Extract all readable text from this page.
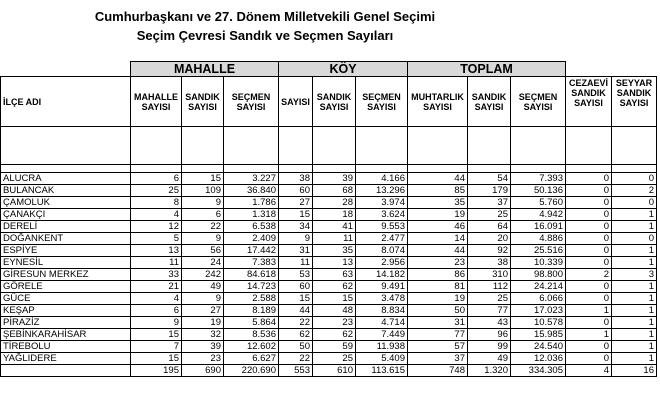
Cumhurbaşkanı ve 27. Dönem Milletvekili Genel Seçimi
Seçim Çevresi Sandık ve Seçmen Sayıları
	MAHALLE			KÖY			TOPLAM				
İLÇE ADI	MAHALLE SAYISI	SANDIK SAYISI	SEÇMEN SAYISI	SAYISI	SANDIK SAYISI	SEÇMEN SAYISI	MUHTARLIK SAYISI	SANDIK SAYISI	SEÇMEN SAYISI	CEZAEVİ SANDIK SAYISI	SEYYAR SANDIK SAYISI

ALUCRA	6	15	3.227	38	39	4.166	44	54	7.393	0	0
BULANCAK	25	109	36.840	60	68	13.296	85	179	50.136	0	2
ÇAMOLUK	8	9	1.786	27	28	3.974	35	37	5.760	0	0
ÇANAKÇI	4	6	1.318	15	18	3.624	19	25	4.942	0	1
DERELİ	12	22	6.538	34	41	9.553	46	64	16.091	0	1
DOĞANKENT	5	9	2.409	9	11	2.477	14	20	4.886	0	0
ESPİYE	13	56	17.442	31	35	8.074	44	92	25.516	0	1
EYNESİL	11	24	7.383	11	13	2.956	23	38	10.339	0	1
GİRESUN MERKEZ	33	242	84.618	53	63	14.182	86	310	98.800	2	3
GÖRELE	21	49	14.723	60	62	9.491	81	112	24.214	0	1
GÜCE	4	9	2.588	15	15	3.478	19	25	6.066	0	1
KEŞAP	6	27	8.189	44	48	8.834	50	77	17.023	1	1
PİRAZİZ	9	19	5.864	22	23	4.714	31	43	10.578	0	1
ŞEBİNKARAHİSAR	15	32	8.536	62	62	7.449	77	96	15.985	1	1
TİREBOLU	7	39	12.602	50	59	11.938	57	99	24.540	0	1
YAĞLIDERE	15	23	6.627	22	25	5.409	37	49	12.036	0	1
	195	690	220.690	553	610	113.615	748	1.320	334.305	4	16
